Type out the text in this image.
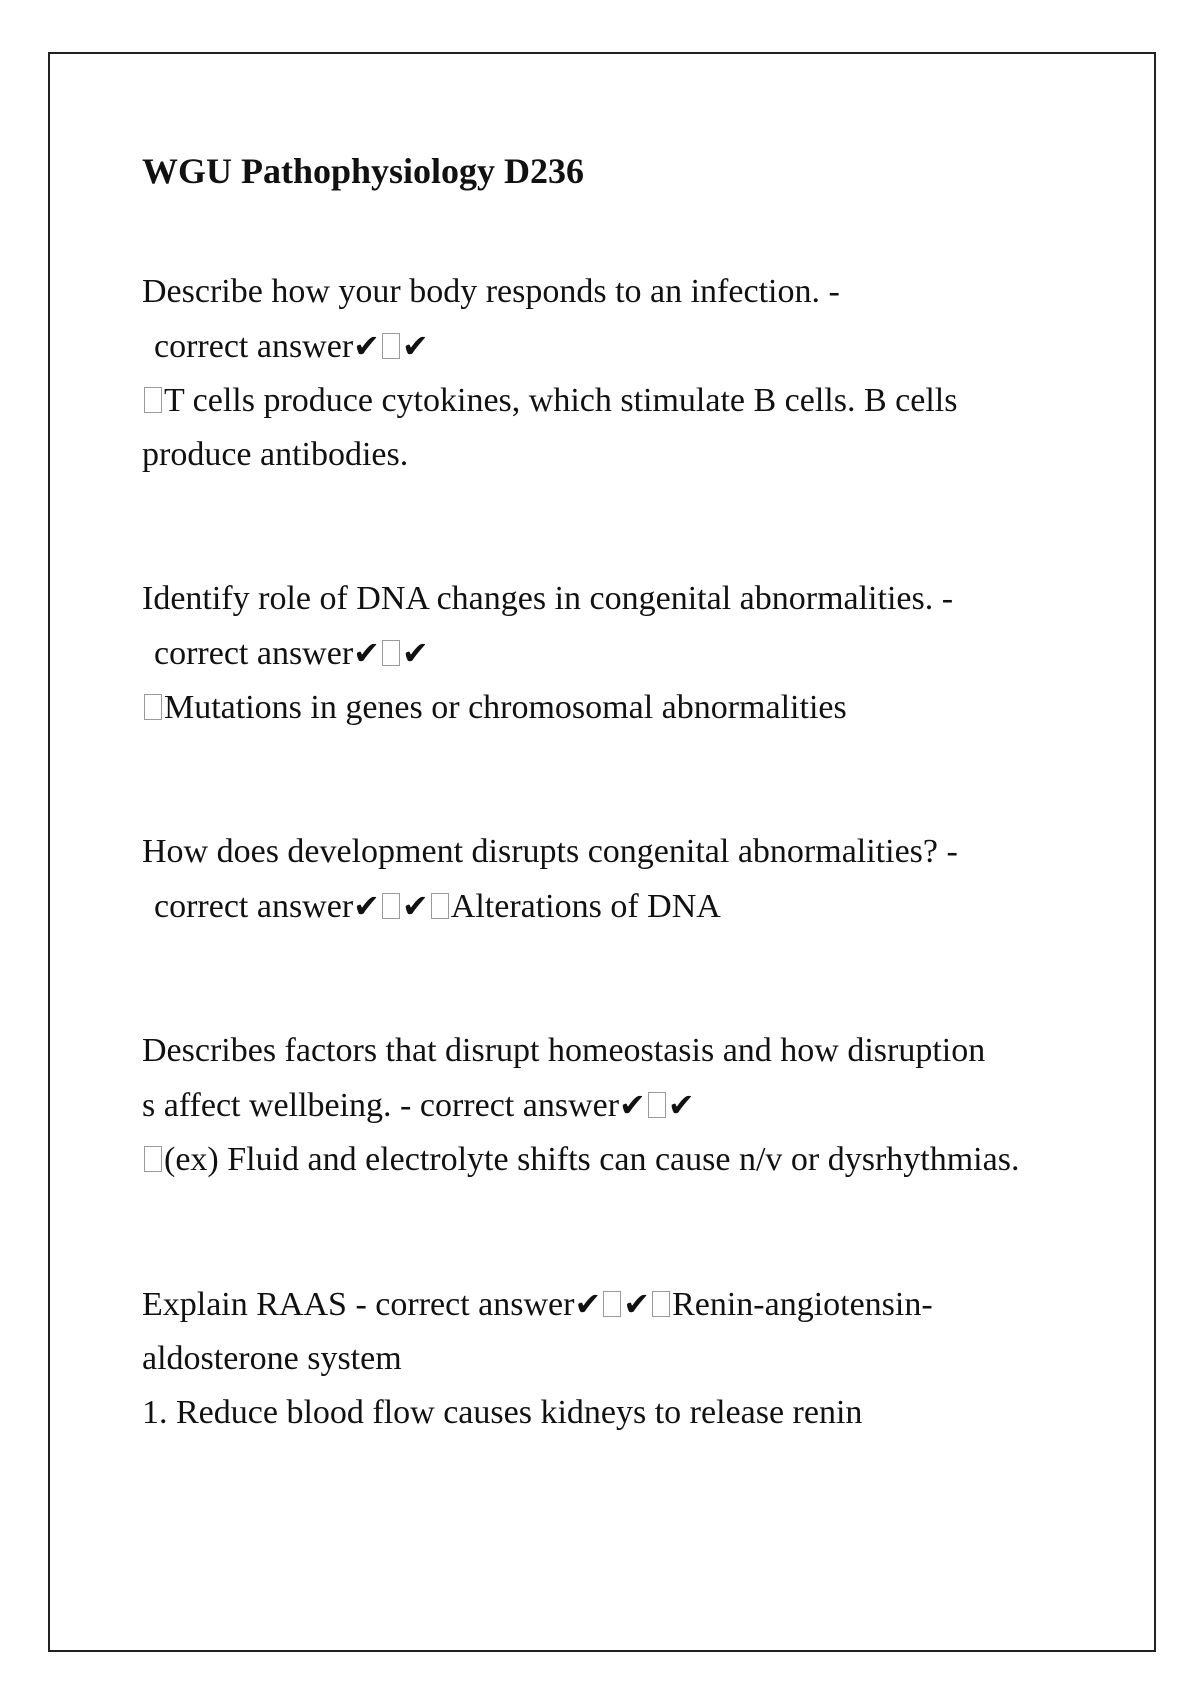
WGU Pathophysiology D236

Describe how your body responds to an infection. -

correct answer✔ ✔

T cells produce cytokines, which stimulate B cells. B cells produce antibodies.

Identify role of DNA changes in congenital abnormalities. -

correct answer✔ ✔

Mutations in genes or chromosomal abnormalities

How does development disrupts congenital abnormalities? -

correct answer✔ ✔ Alterations of DNA

Describes factors that disrupt homeostasis and how disruption

s affect wellbeing. - correct answer✔ ✔

(ex) Fluid and electrolyte shifts can cause n/v or dysrhythmias.

Explain RAAS - correct answer✔ ✔ Renin-angiotensin-aldosterone system

1. Reduce blood flow causes kidneys to release renin
